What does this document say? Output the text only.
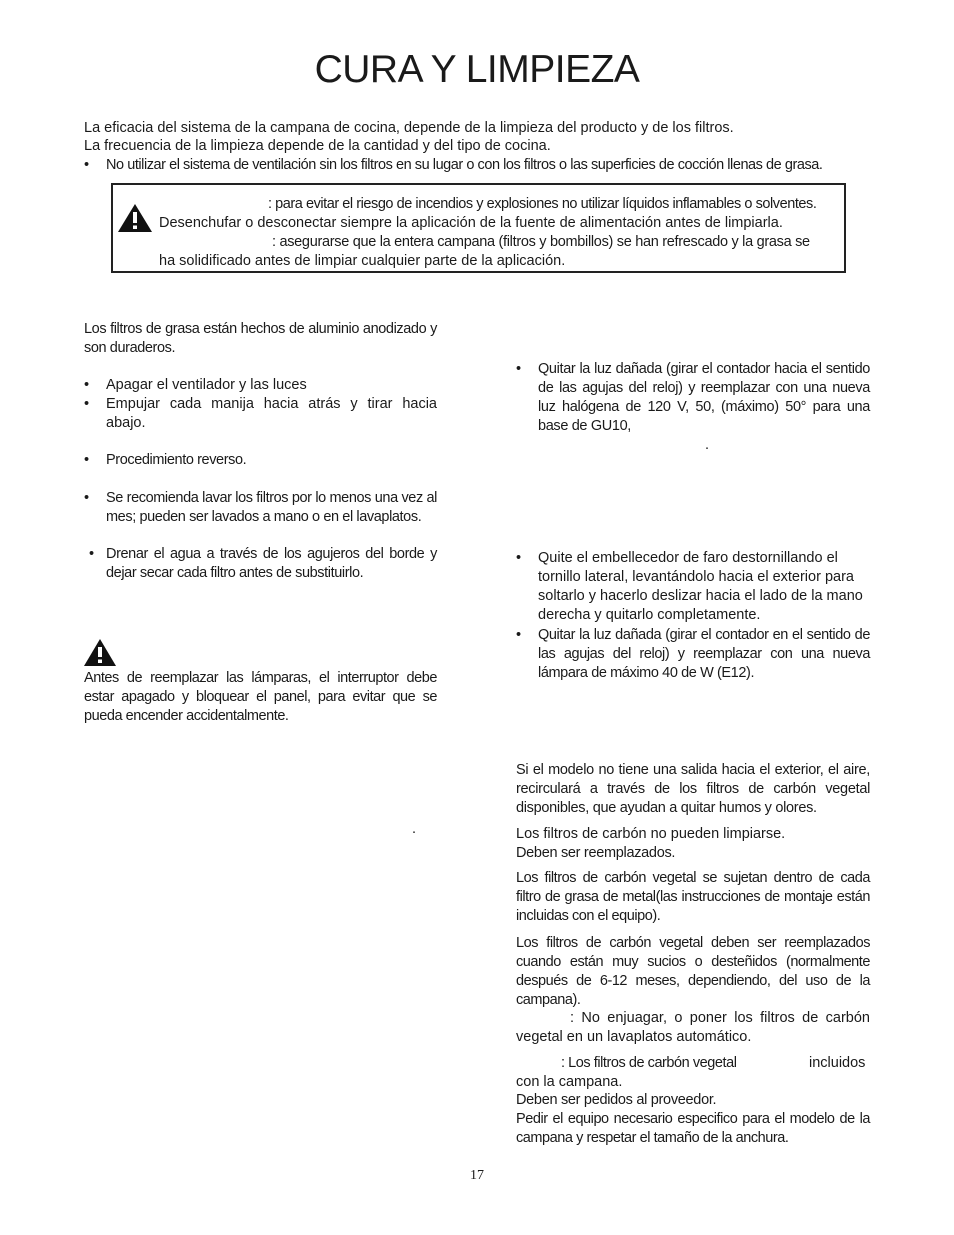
CURA Y LIMPIEZA
La eficacia del sistema de la campana de cocina, depende de la limpieza del producto y de los filtros.
La frecuencia de la limpieza depende de la cantidad y del tipo de cocina.
•	No utilizar el sistema de ventilación sin los filtros en su lugar o con los filtros o las superficies de cocción llenas de grasa.
: para evitar el riesgo de incendios y explosiones no utilizar líquidos inflamables o solventes.
Desenchufar o desconectar siempre la aplicación de la fuente de alimentación antes de limpiarla.
: asegurarse que la entera campana (filtros y bombillos) se han refrescado y la grasa se
ha solidificado antes de limpiar cualquier parte de la aplicación.
Los filtros de grasa están hechos de aluminio anodizado y son duraderos.
•	Apagar el ventilador y las luces
•	Empujar cada manija hacia atrás y tirar hacia abajo.
•	Procedimiento reverso.
•	Se recomienda lavar los filtros por lo menos una vez al mes; pueden ser lavados a mano o en el lavaplatos.
• Drenar el agua a través de los agujeros del borde y dejar secar cada filtro antes de substituirlo.
Antes de reemplazar las lámparas, el interruptor debe estar apagado y bloquear el panel, para evitar que se pueda encender accidentalmente.
.
•	Quitar la luz dañada (girar el contador hacia el sentido de las agujas del reloj) y reemplazar con una nueva luz halógena de 120 V, 50, (máximo) 50° para una base de GU10,
.
•	Quite el embellecedor de faro destornillando el tornillo lateral, levantándolo hacia el exterior para soltarlo y hacerlo deslizar hacia el lado de la mano derecha y quitarlo completamente.
•	Quitar la luz dañada (girar el contador en el sentido de las agujas del reloj) y reemplazar con una nueva lámpara de máximo 40 de W (E12).
Si el modelo no tiene una salida hacia el exterior, el aire, recirculará a través de los filtros de carbón vegetal disponibles, que ayudan a quitar humos y olores.
Los filtros de carbón no pueden limpiarse.
Deben ser reemplazados.
Los filtros de carbón vegetal se sujetan dentro de cada filtro de grasa de metal(las instrucciones de montaje están incluidas con el equipo).
Los filtros de carbón vegetal deben ser reemplazados cuando están muy sucios o desteñidos (normalmente después de 6-12 meses, dependiendo, del uso de la campana).
: No enjuagar, o poner los filtros de carbón vegetal en un lavaplatos automático.
: Los filtros de carbón vegetal	incluidos
con la campana.
Deben ser pedidos al proveedor.
Pedir el equipo necesario especifico para el modelo de la campana y respetar el tamaño de la anchura.
17
